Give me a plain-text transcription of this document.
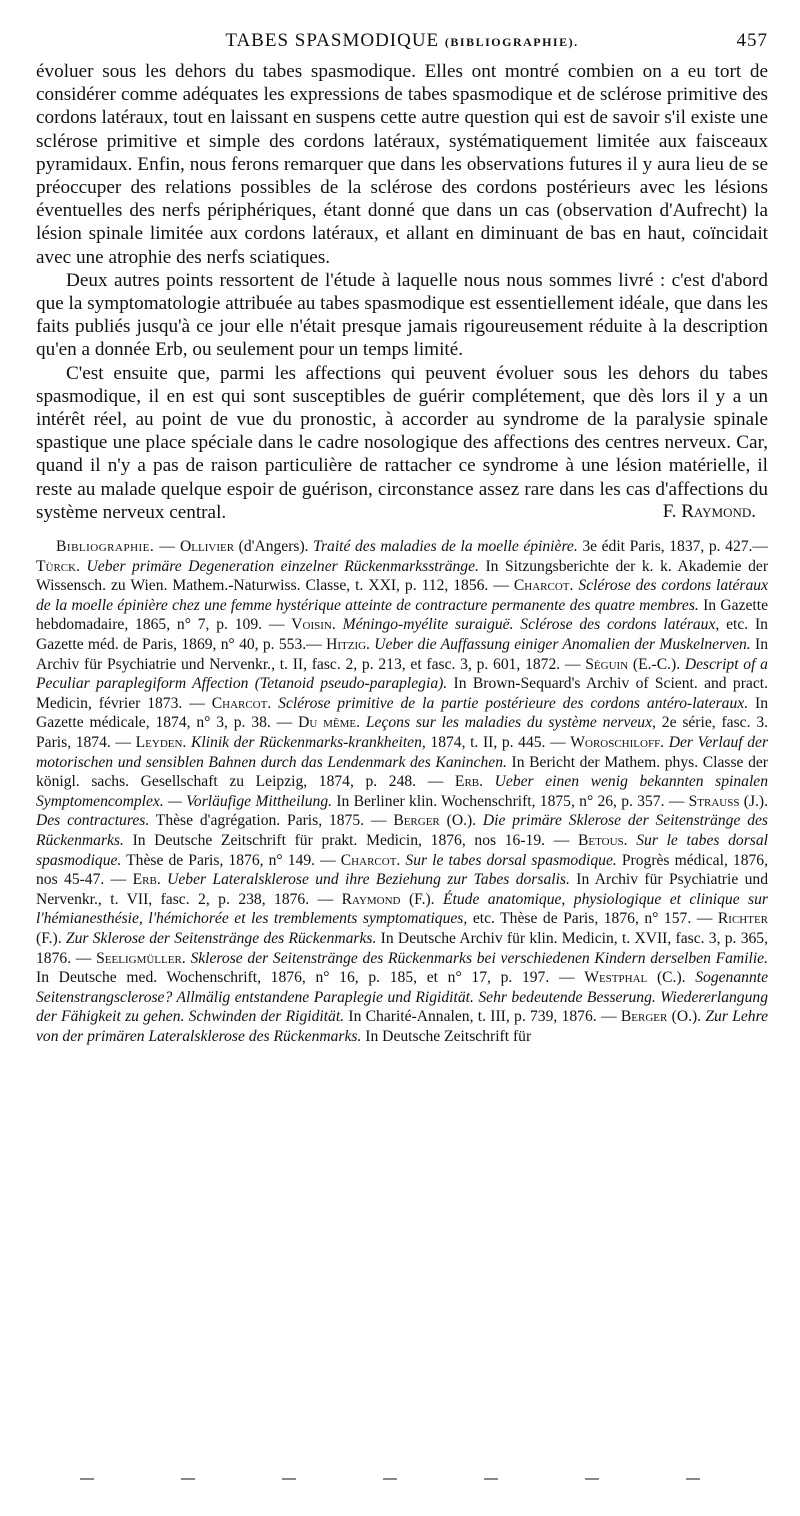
TABES SPASMODIQUE (BIBLIOGRAPHIE).	457

évoluer sous les dehors du tabes spasmodique. Elles ont montré combien on a eu tort de considérer comme adéquates les expressions de tabes spasmodique et de sclérose primitive des cordons latéraux, tout en laissant en suspens cette autre question qui est de savoir s'il existe une sclérose primitive et simple des cordons latéraux, systématiquement limitée aux faisceaux pyramidaux. Enfin, nous ferons remarquer que dans les observations futures il y aura lieu de se préoccuper des relations possibles de la sclérose des cordons postérieurs avec les lésions éventuelles des nerfs périphériques, étant donné que dans un cas (observation d'Aufrecht) la lésion spinale limitée aux cordons latéraux, et allant en diminuant de bas en haut, coïncidait avec une atrophie des nerfs sciatiques.

Deux autres points ressortent de l'étude à laquelle nous nous sommes livré : c'est d'abord que la symptomatologie attribuée au tabes spasmodique est essentiellement idéale, que dans les faits publiés jusqu'à ce jour elle n'était presque jamais rigoureusement réduite à la description qu'en a donnée Erb, ou seulement pour un temps limité.

C'est ensuite que, parmi les affections qui peuvent évoluer sous les dehors du tabes spasmodique, il en est qui sont susceptibles de guérir complétement, que dès lors il y a un intérêt réel, au point de vue du pronostic, à accorder au syndrome de la paralysie spinale spastique une place spéciale dans le cadre nosologique des affections des centres nerveux. Car, quand il n'y a pas de raison particulière de rattacher ce syndrome à une lésion matérielle, il reste au malade quelque espoir de guérison, circonstance assez rare dans les cas d'affections du système nerveux central.	F. Raymond.
Bibliographie. — Ollivier (d'Angers). Traité des maladies de la moelle épinière. 3e édit Paris, 1837, p. 427.— Türck. Ueber primäre Degeneration einzelner Rückenmarksstränge. In Sitzungsberichte der k. k. Akademie der Wissensch. zu Wien. Mathem.-Naturwiss. Classe, t. XXI, p. 112, 1856. — Charcot. Sclérose des cordons latéraux de la moelle épinière chez une femme hystérique atteinte de contracture permanente des quatre membres. In Gazette hebdomadaire, 1865, n° 7, p. 109. — Voisin. Méningo-myélite suraiguë. Sclérose des cordons latéraux, etc. In Gazette méd. de Paris, 1869, n° 40, p. 553.— Hitzig. Ueber die Auffassung einiger Anomalien der Muskelnerven. In Archiv für Psychiatrie und Nervenkr., t. II, fasc. 2, p. 213, et fasc. 3, p. 601, 1872. — Séguin (E.-C.). Descript of a Peculiar paraplegiform Affection (Tetanoid pseudo-paraplegia). In Brown-Sequard's Archiv of Scient. and pract. Medicin, février 1873. — Charcot. Sclérose primitive de la partie postérieure des cordons antéro-lateraux. In Gazette médicale, 1874, n° 3, p. 38. — Du même. Leçons sur les maladies du système nerveux, 2e série, fasc. 3. Paris, 1874. — Leyden. Klinik der Rückenmarks-krankheiten, 1874, t. II, p. 445. — Woroschiloff. Der Verlauf der motorischen und sensiblen Bahnen durch das Lendenmark des Kaninchen. In Bericht der Mathem. phys. Classe der königl. sachs. Gesellschaft zu Leipzig, 1874, p. 248. — Erb. Ueber einen wenig bekannten spinalen Symptomencomplex. — Vorläufige Mittheilung. In Berliner klin. Wochenschrift, 1875, n° 26, p. 357. — Strauss (J.). Des contractures. Thèse d'agrégation. Paris, 1875. — Berger (O.). Die primäre Sklerose der Seitenstränge des Rückenmarks. In Deutsche Zeitschrift für prakt. Medicin, 1876, nos 16-19. — Betous. Sur le tabes dorsal spasmodique. Thèse de Paris, 1876, n° 149. — Charcot. Sur le tabes dorsal spasmodique. Progrès médical, 1876, nos 45-47. — Erb. Ueber Lateralsklerose und ihre Beziehung zur Tabes dorsalis. In Archiv für Psychiatrie und Nervenkr., t. VII, fasc. 2, p. 238, 1876. — Raymond (F.). Étude anatomique, physiologique et clinique sur l'hémianesthésie, l'hémichorée et les tremblements symptomatiques, etc. Thèse de Paris, 1876, n° 157. — Richter (F.). Zur Sklerose der Seitenstränge des Rückenmarks. In Deutsche Archiv für klin. Medicin, t. XVII, fasc. 3, p. 365, 1876. — Seeligmüller. Sklerose der Seitenstränge des Rückenmarks bei verschiedenen Kindern derselben Familie. In Deutsche med. Wochenschrift, 1876, n° 16, p. 185, et n° 17, p. 197. — Westphal (C.). Sogenannte Seitenstrangsclerose? Allmälig entstandene Paraplegie und Rigidität. Sehr bedeutende Besserung. Wiedererlangung der Fähigkeit zu gehen. Schwinden der Rigidität. In Charité-Annalen, t. III, p. 739, 1876. — Berger (O.). Zur Lehre von der primären Lateralsklerose des Rückenmarks. In Deutsche Zeitschrift für
